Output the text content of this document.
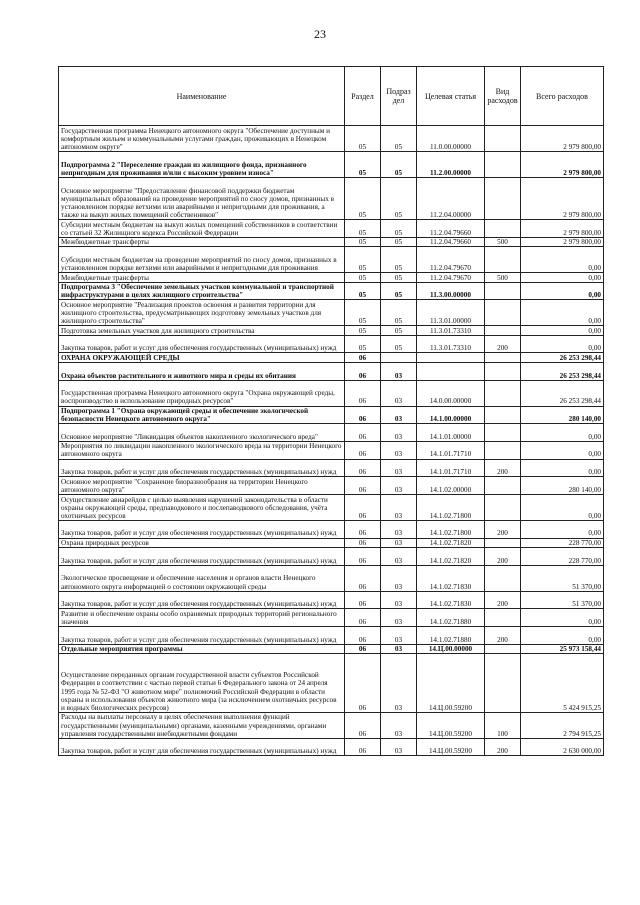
23
Наименование	Раздел	Подраз дел	Целевая статья	Вид расходов	Всего расходов
Государственная программа Ненецкого автономного округа "Обеспечение доступным и комфортным жильем и коммунальными услугами граждан, проживающих в Ненецком автономном округе"	05	05	11.0.00.00000		2 979 800,00
Подпрограмма 2 "Переселение граждан из жилищного фонда, признанного непригодным для проживания и/или с высоким уровнем износа"	05	05	11.2.00.00000		2 979 800,00
Основное мероприятие "Предоставление финансовой поддержки бюджетам муниципальных образований на проведение мероприятий по сносу домов, признанных в установленном порядке ветхими или аварийными и непригодными для проживания, а также на выкуп жилых помещений собственников"	05	05	11.2.04.00000		2 979 800,00
Субсидии местным бюджетам на выкуп жилых помещений собственников в соответствии со статьей 32 Жилищного кодекса Российской Федерации	05	05	11.2.04.79660		2 979 800,00
Межбюджетные трансферты	05	05	11.2.04.79660	500	2 979 800,00
Субсидии местным бюджетам на проведение мероприятий по сносу домов, признанных в установленном порядке ветхими или аварийными и непригодными для проживания	05	05	11.2.04.79670		0,00
Межбюджетные трансферты	05	05	11.2.04.79670	500	0,00
Подпрограмма 3 "Обеспечение земельных участков коммунальной и транспортной инфраструктурами в целях жилищного строительства"	05	05	11.3.00.00000		0,00
Основное мероприятие "Реализация проектов освоения и развития территории для жилищного строительства, предусматривающих подготовку земельных участков для жилищного строительства"	05	05	11.3.01.00000		0,00
Подготовка земельных участков для жилищного строительства	05	05	11.3.01.73310		0,00
Закупка товаров, работ и услуг для обеспечения государственных (муниципальных) нужд	05	05	11.3.01.73310	200	0,00
ОХРАНА ОКРУЖАЮЩЕЙ СРЕДЫ	06				26 253 298,44
Охрана объектов растительного и животного мира и среды их обитания	06	03			26 253 298,44
Государственная программа Ненецкого автономного округа "Охрана окружающей среды, воспроизводство и использование природных ресурсов"	06	03	14.0.00.00000		26 253 298,44
Подпрограмма 1 "Охрана окружающей среды и обеспечение экологической безопасности Ненецкого автономного округа"	06	03	14.1.00.00000		280 140,00
Основное мероприятие "Ликвидация объектов накопленного экологического вреда"	06	03	14.1.01.00000		0,00
Мероприятия по ликвидации накопленного экологического вреда на территории Ненецкого автономного округа	06	03	14.1.01.71710		0,00
Закупка товаров, работ и услуг для обеспечения государственных (муниципальных) нужд	06	03	14.1.01.71710	200	0,00
Основное мероприятие "Сохранение биоразнообразия на территории Ненецкого автономного округа"	06	03	14.1.02.00000		280 140,00
Осуществление авиарейдов с целью выявления нарушений законодательства в области охраны окружающей среды, предпаводкового и послепаводкового обследования, учёта охотничьих ресурсов	06	03	14.1.02.71800		0,00
Закупка товаров, работ и услуг для обеспечения государственных (муниципальных) нужд	06	03	14.1.02.71800	200	0,00
Охрана природных ресурсов	06	03	14.1.02.71820		228 770,00
Закупка товаров, работ и услуг для обеспечения государственных (муниципальных) нужд	06	03	14.1.02.71820	200	228 770,00
Экологическое просвещение и обеспечение населения и органов власти Ненецкого автономного округа информацией о состоянии окружающей среды	06	03	14.1.02.71830		51 370,00
Закупка товаров, работ и услуг для обеспечения государственных (муниципальных) нужд	06	03	14.1.02.71830	200	51 370,00
Развитие и обеспечение охраны особо охраняемых природных территорий регионального значения	06	03	14.1.02.71880		0,00
Закупка товаров, работ и услуг для обеспечения государственных (муниципальных) нужд	06	03	14.1.02.71880	200	0,00
Отдельные мероприятия программы	06	03	14.Ц.00.00000		25 973 158,44
Осуществление переданных органам государственной власти субъектов Российской Федерации в соответствии с частью первой статьи 6 Федерального закона от 24 апреля 1995 года № 52-ФЗ "О животном мире" полномочий Российской Федерации в области охраны и использования объектов животного мира (за исключением охотничьих ресурсов и водных биологических ресурсов)	06	03	14.Ц.00.59200		5 424 915,25
Расходы на выплаты персоналу в целях обеспечения выполнения функций государственными (муниципальными) органами, казенными учреждениями, органами управления государственными внебюджетными фондами	06	03	14.Ц.00.59200	100	2 794 915,25
Закупка товаров, работ и услуг для обеспечения государственных (муниципальных) нужд	06	03	14.Ц.00.59200	200	2 630 000,00
